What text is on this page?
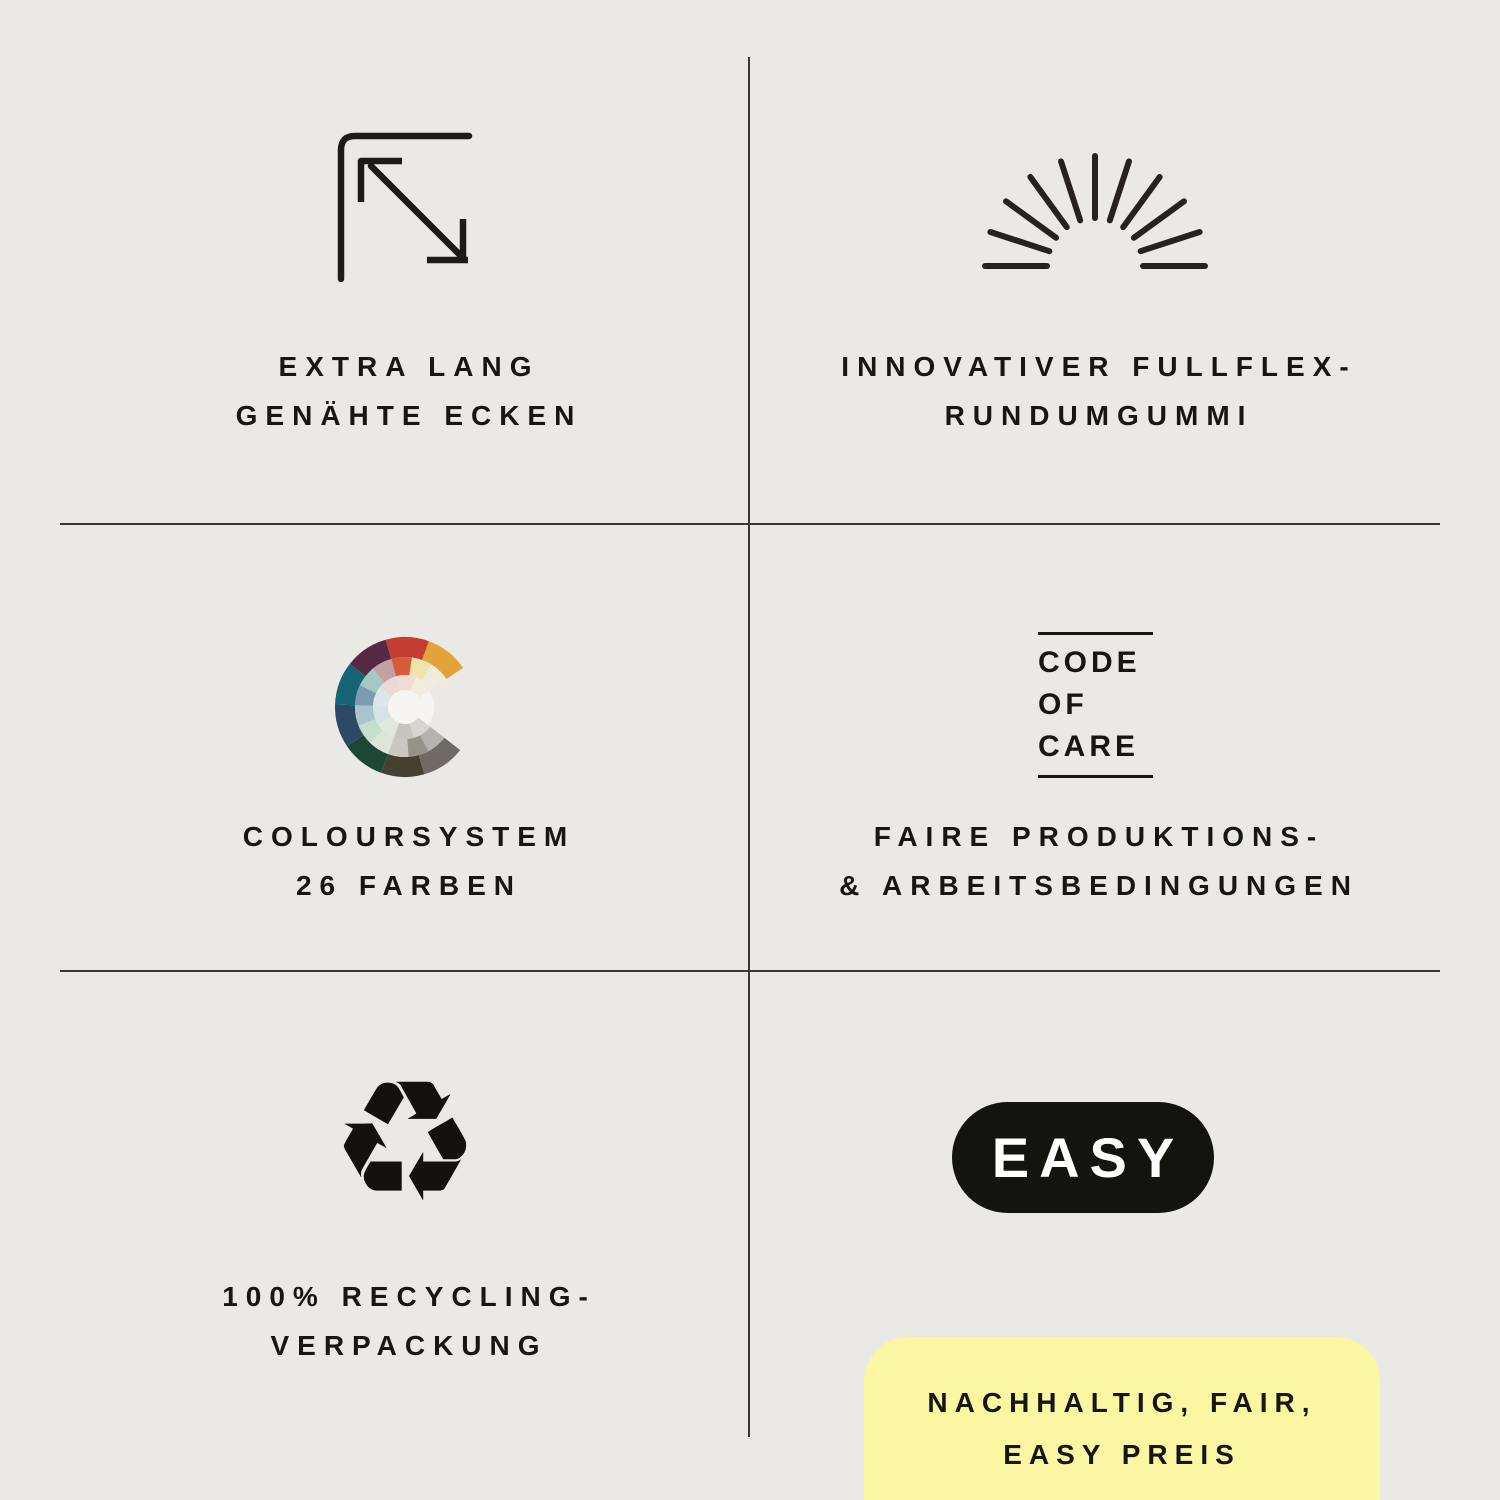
EXTRA LANG
GENÄHTE ECKEN
INNOVATIVER FULLFLEX-
RUNDUMGUMMI
COLOURSYSTEM
26 FARBEN
CODE
OF
CARE
FAIRE PRODUKTIONS-
& ARBEITSBEDINGUNGEN
♻
100% RECYCLING-
VERPACKUNG
EASY
NACHHALTIG, FAIR,
EASY PREIS
